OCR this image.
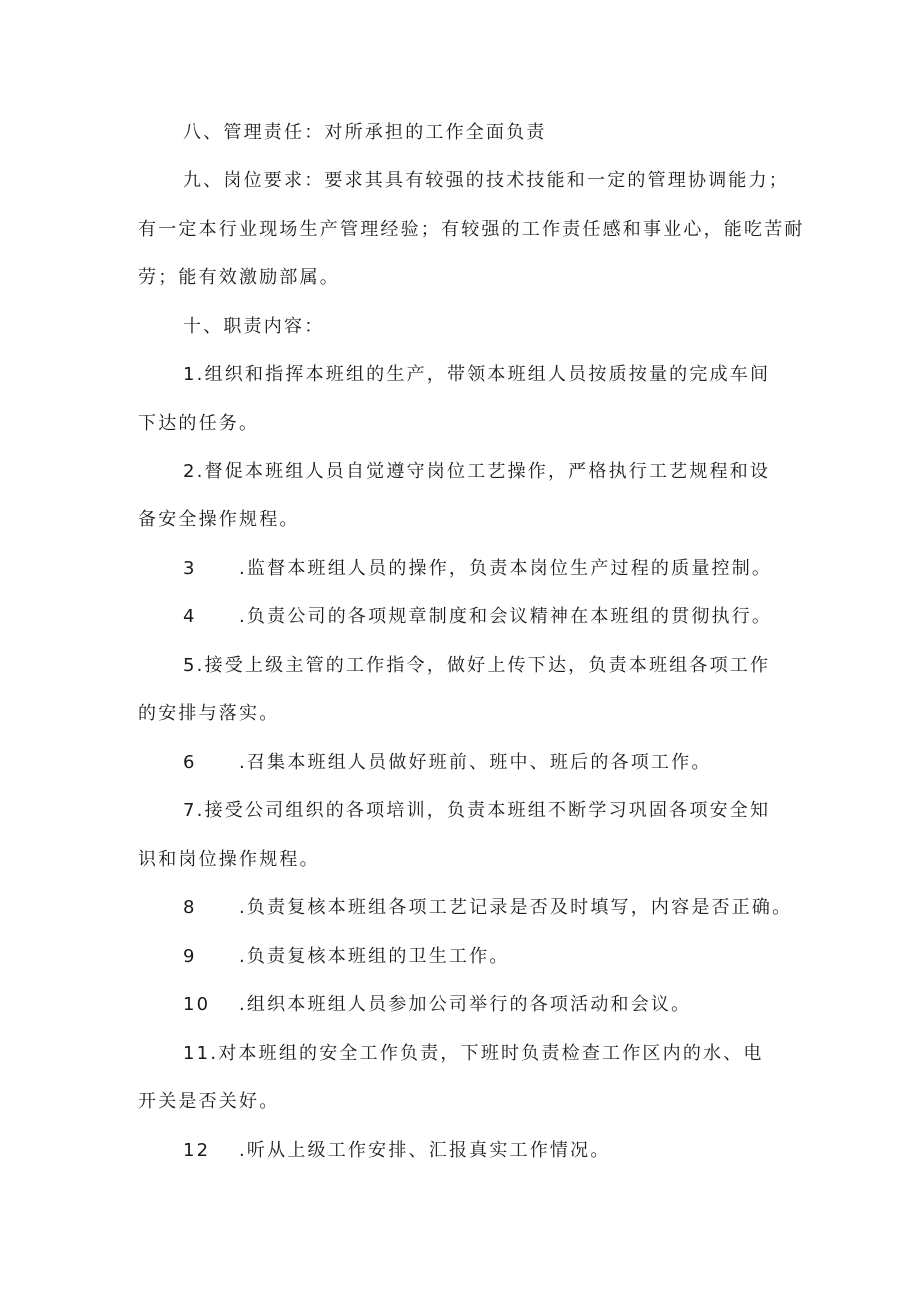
八、管理责任：对所承担的工作全面负责
九、岗位要求：要求其具有较强的技术技能和一定的管理协调能力；
有一定本行业现场生产管理经验；有较强的工作责任感和事业心，能吃苦耐
劳；能有效激励部属。
十、职责内容：
1.组织和指挥本班组的生产，带领本班组人员按质按量的完成车间
下达的任务。
2.督促本班组人员自觉遵守岗位工艺操作，严格执行工艺规程和设
备安全操作规程。
3 .监督本班组人员的操作，负责本岗位生产过程的质量控制。
4 .负责公司的各项规章制度和会议精神在本班组的贯彻执行。
5.接受上级主管的工作指令，做好上传下达，负责本班组各项工作
的安排与落实。
6 .召集本班组人员做好班前、班中、班后的各项工作。
7.接受公司组织的各项培训，负责本班组不断学习巩固各项安全知
识和岗位操作规程。
8 .负责复核本班组各项工艺记录是否及时填写，内容是否正确。
9 .负责复核本班组的卫生工作。
10 .组织本班组人员参加公司举行的各项活动和会议。
11.对本班组的安全工作负责，下班时负责检查工作区内的水、电
开关是否关好。
12 .听从上级工作安排、汇报真实工作情况。
